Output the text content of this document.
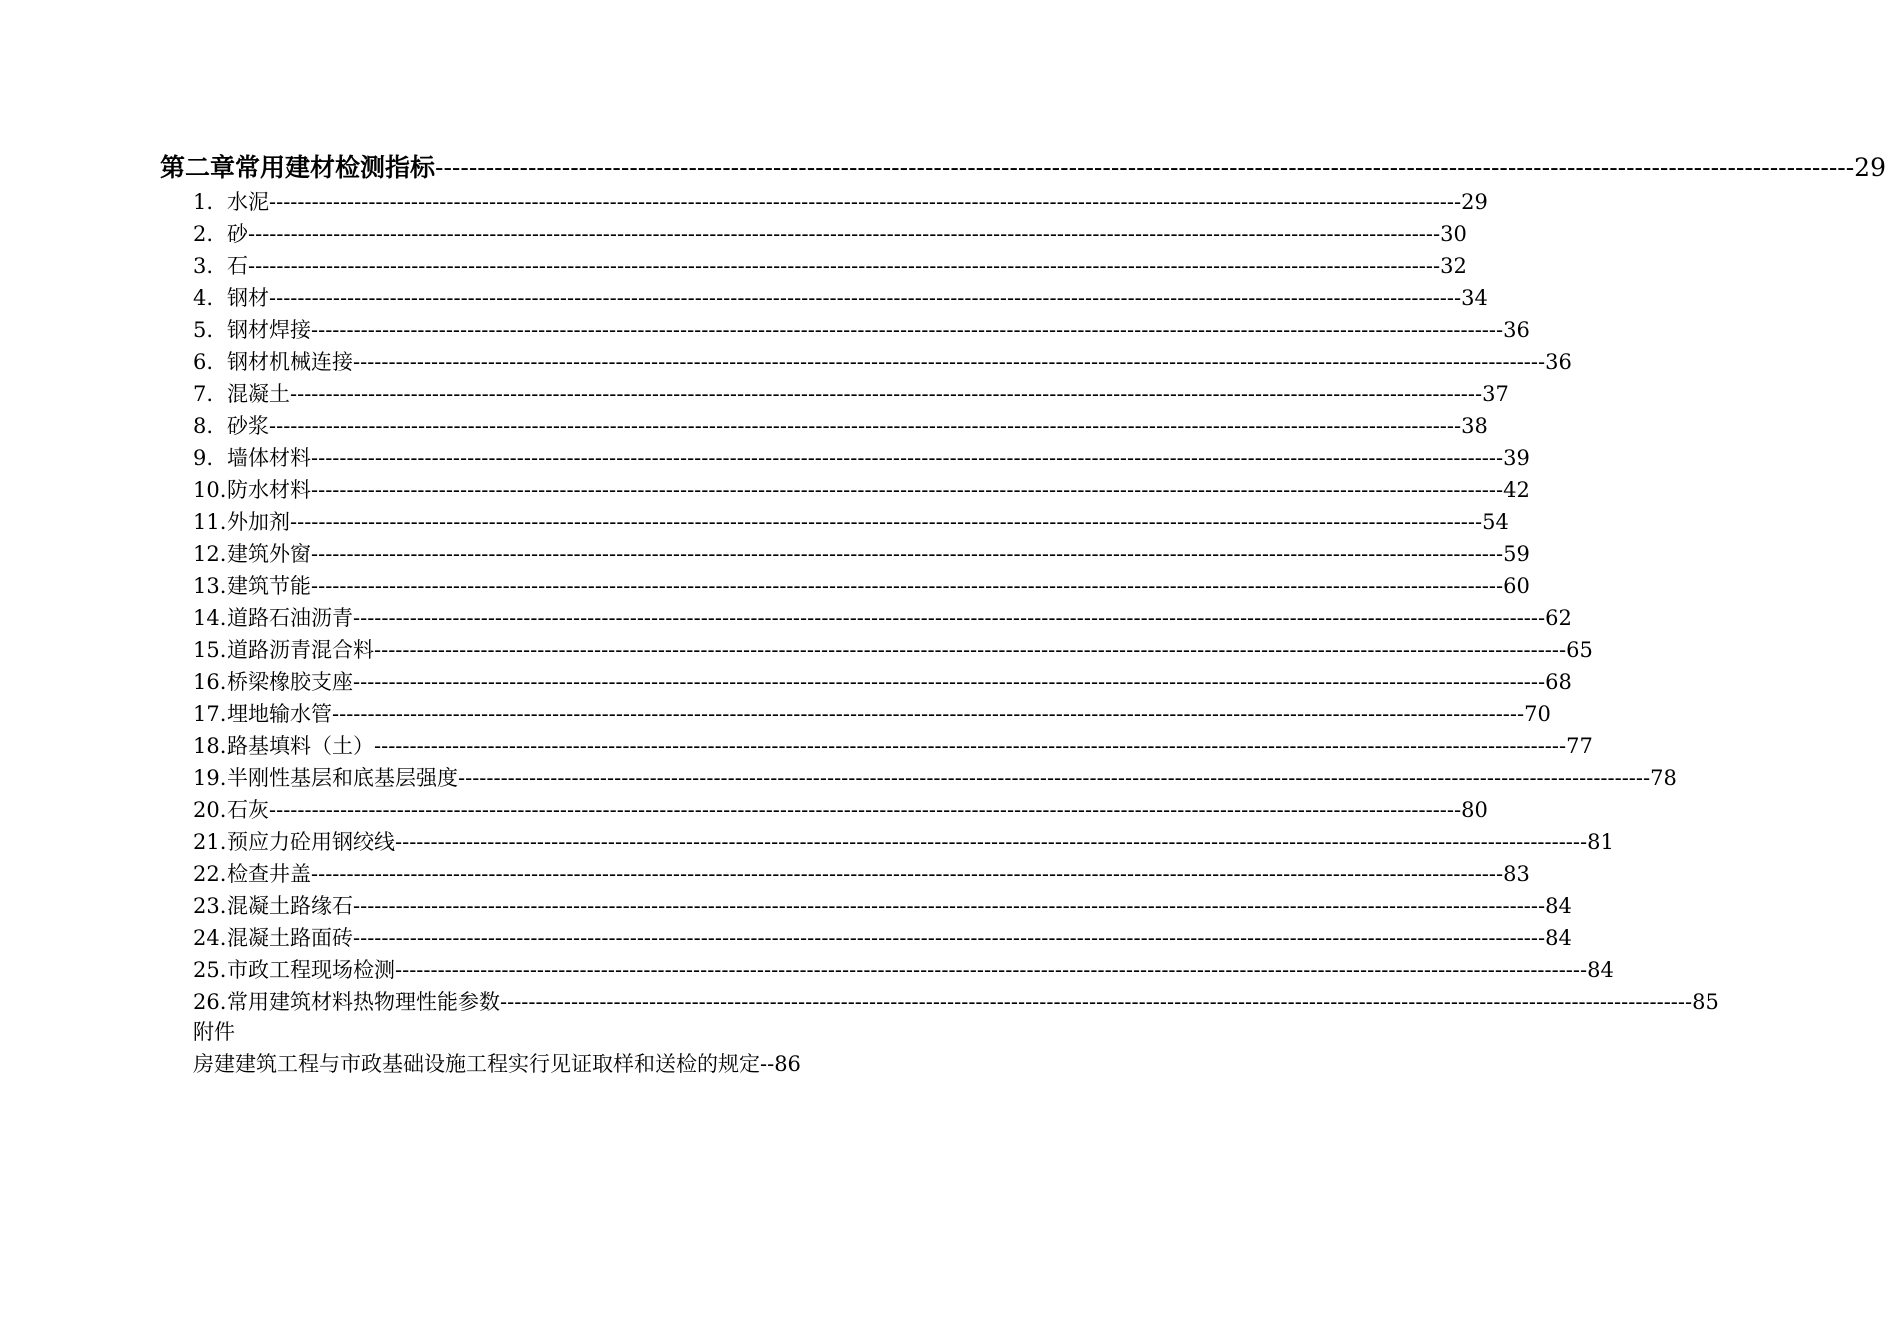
第二章 常用建材检测指标 ------------------------------------------------------------------------------------------------------------------------------------------------------------------------ 29
1. 水泥 ------------------------------------------------------------------------------------------------------------------------------------------------------------------------ 29
2. 砂 ------------------------------------------------------------------------------------------------------------------------------------------------------------------------ 30
3. 石 ------------------------------------------------------------------------------------------------------------------------------------------------------------------------ 32
4. 钢材 ------------------------------------------------------------------------------------------------------------------------------------------------------------------------ 34
5. 钢材焊接 ------------------------------------------------------------------------------------------------------------------------------------------------------------------------ 36
6. 钢材机械连接 ------------------------------------------------------------------------------------------------------------------------------------------------------------------------ 36
7. 混凝土 ------------------------------------------------------------------------------------------------------------------------------------------------------------------------ 37
8. 砂浆 ------------------------------------------------------------------------------------------------------------------------------------------------------------------------ 38
9. 墙体材料 ------------------------------------------------------------------------------------------------------------------------------------------------------------------------ 39
10. 防水材料 ------------------------------------------------------------------------------------------------------------------------------------------------------------------------ 42
11. 外加剂 ------------------------------------------------------------------------------------------------------------------------------------------------------------------------ 54
12. 建筑外窗 ------------------------------------------------------------------------------------------------------------------------------------------------------------------------ 59
13. 建筑节能 ------------------------------------------------------------------------------------------------------------------------------------------------------------------------ 60
14. 道路石油沥青 ------------------------------------------------------------------------------------------------------------------------------------------------------------------------ 62
15. 道路沥青混合料 ------------------------------------------------------------------------------------------------------------------------------------------------------------------------ 65
16. 桥梁橡胶支座 ------------------------------------------------------------------------------------------------------------------------------------------------------------------------ 68
17. 埋地输水管 ------------------------------------------------------------------------------------------------------------------------------------------------------------------------ 70
18. 路基填料（土） ------------------------------------------------------------------------------------------------------------------------------------------------------------------------ 77
19. 半刚性基层和底基层强度 ------------------------------------------------------------------------------------------------------------------------------------------------------------------------ 78
20. 石灰 ------------------------------------------------------------------------------------------------------------------------------------------------------------------------ 80
21. 预应力砼用钢绞线 ------------------------------------------------------------------------------------------------------------------------------------------------------------------------ 81
22. 检查井盖 ------------------------------------------------------------------------------------------------------------------------------------------------------------------------ 83
23. 混凝土路缘石 ------------------------------------------------------------------------------------------------------------------------------------------------------------------------ 84
24. 混凝土路面砖 ------------------------------------------------------------------------------------------------------------------------------------------------------------------------ 84
25. 市政工程现场检测 ------------------------------------------------------------------------------------------------------------------------------------------------------------------------ 84
26. 常用建筑材料热物理性能参数 ------------------------------------------------------------------------------------------------------------------------------------------------------------------------ 85
附件
房建建筑工程与市政基础设施工程实行见证取样和送检的规定--86
